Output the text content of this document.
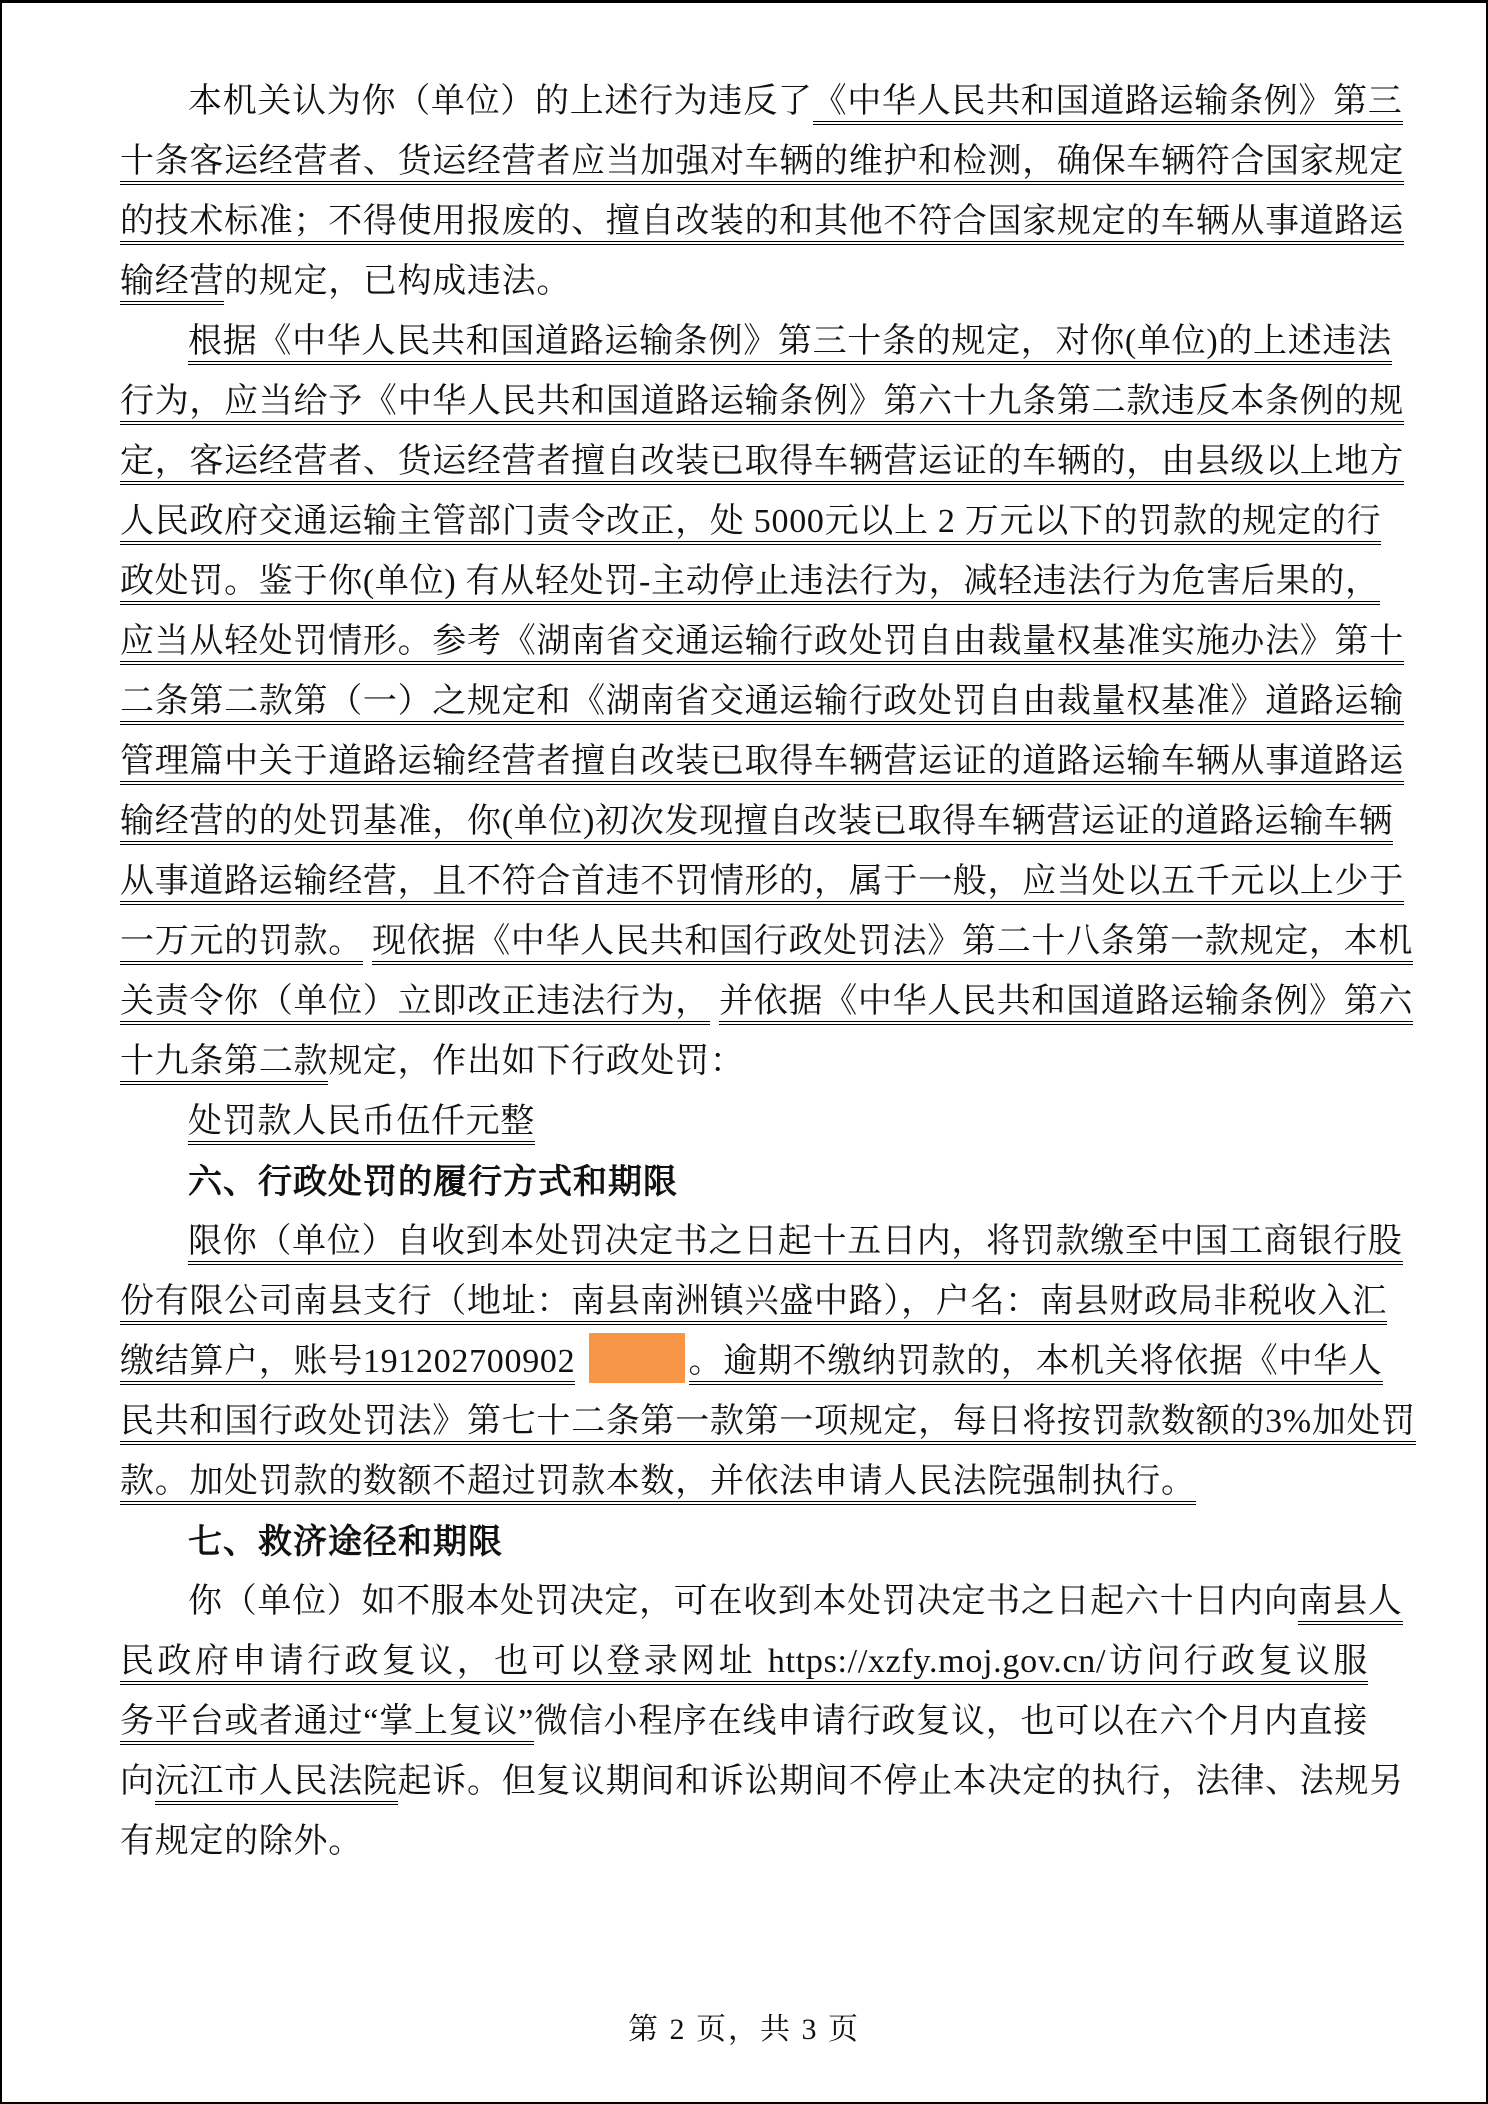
本机关认为你（单位）的上述行为违反了《中华人民共和国道路运输条例》第三
十条客运经营者、货运经营者应当加强对车辆的维护和检测，确保车辆符合国家规定
的技术标准；不得使用报废的、擅自改装的和其他不符合国家规定的车辆从事道路运
输经营的规定，已构成违法。
根据《中华人民共和国道路运输条例》第三十条的规定，对你(单位)的上述违法
行为，应当给予《中华人民共和国道路运输条例》第六十九条第二款违反本条例的规
定，客运经营者、货运经营者擅自改装已取得车辆营运证的车辆的，由县级以上地方
人民政府交通运输主管部门责令改正，处 5000元以上 2 万元以下的罚款的规定的行
政处罚。鉴于你(单位) 有从轻处罚-主动停止违法行为，减轻违法行为危害后果的，
应当从轻处罚情形。参考《湖南省交通运输行政处罚自由裁量权基准实施办法》第十
二条第二款第（一）之规定和《湖南省交通运输行政处罚自由裁量权基准》道路运输
管理篇中关于道路运输经营者擅自改装已取得车辆营运证的道路运输车辆从事道路运
输经营的的处罚基准，你(单位)初次发现擅自改装已取得车辆营运证的道路运输车辆
从事道路运输经营，且不符合首违不罚情形的，属于一般，应当处以五千元以上少于
一万元的罚款。 现依据《中华人民共和国行政处罚法》第二十八条第一款规定，本机
关责令你（单位）立即改正违法行为， 并依据《中华人民共和国道路运输条例》第六
十九条第二款规定，作出如下行政处罚：
处罚款人民币伍仟元整
六、行政处罚的履行方式和期限
限你（单位）自收到本处罚决定书之日起十五日内，将罚款缴至中国工商银行股
份有限公司南县支行（地址：南县南洲镇兴盛中路），户名：南县财政局非税收入汇
缴结算户，账号191202700902	。逾期不缴纳罚款的，本机关将依据《中华人
民共和国行政处罚法》第七十二条第一款第一项规定，每日将按罚款数额的3%加处罚
款。加处罚款的数额不超过罚款本数，并依法申请人民法院强制执行。
七、救济途径和期限
你（单位）如不服本处罚决定，可在收到本处罚决定书之日起六十日内向南县人
民政府申请行政复议，也可以登录网址 https://xzfy.moj.gov.cn/访问行政复议服
务平台或者通过“掌上复议”微信小程序在线申请行政复议，也可以在六个月内直接
向沅江市人民法院起诉。但复议期间和诉讼期间不停止本决定的执行，法律、法规另
有规定的除外。
第 2 页，共 3 页
